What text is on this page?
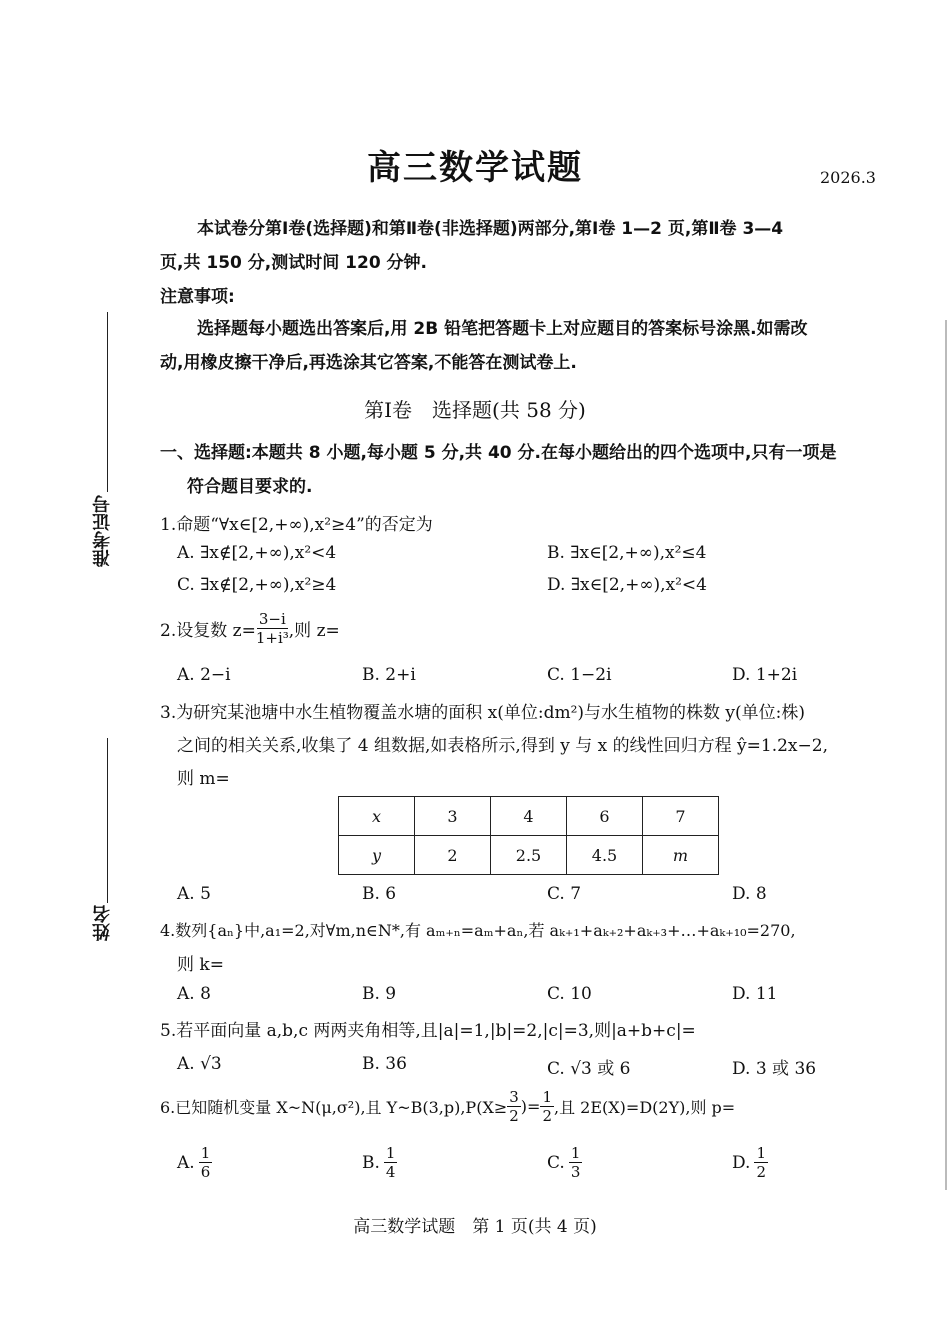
高三数学试题	2026.3
本试卷分第Ⅰ卷(选择题)和第Ⅱ卷(非选择题)两部分,第Ⅰ卷 1—2 页,第Ⅱ卷 3—4
页,共 150 分,测试时间 120 分钟.
注意事项:
选择题每小题选出答案后,用 2B 铅笔把答题卡上对应题目的答案标号涂黑.如需改
动,用橡皮擦干净后,再选涂其它答案,不能答在测试卷上.
准考证号
姓名
第Ⅰ卷　选择题(共 58 分)
一、选择题:本题共 8 小题,每小题 5 分,共 40 分.在每小题给出的四个选项中,只有一项是
符合题目要求的.
1.命题“∀x∈[2,+∞),x²≥4”的否定为
A. ∃x∉[2,+∞),x²<4	B. ∃x∈[2,+∞),x²≤4
C. ∃x∉[2,+∞),x²≥4	D. ∃x∈[2,+∞),x²<4
2.设复数 $z= \frac{3-i}{\text{1+i³}}$ ,则 z=
A. 2−i	B. 2+i	C. 1−2i	D. 1+2i
3.为研究某池塘中水生植物覆盖水塘的面积 x(单位:dm²)与水生植物的株数 y(单位:株)
之间的相关关系,收集了 4 组数据,如表格所示,得到 y 与 x 的线性回归方程 ŷ=1.2x−2,
则 m=
x	3	4	6	7
y	2	2.5	4.5	m
A. 5	B. 6	C. 7	D. 8
4.数列{aₙ}中,a₁=2,对∀m,n∈N*,有 aₘ₊ₙ=aₘ+aₙ,若 aₖ₊₁+aₖ₊₂+aₖ₊₃+…+aₖ₊₁₀=270,
则 k=
A. 8	B. 9	C. 10	D. 11
5.若平面向量 a,b,c 两两夹角相等,且|a|=1,|b|=2,|c|=3,则|a+b+c|=
A. √3	B. 36	C. √3 或 6	D. 3 或 36
6.已知随机变量 X~N(μ,σ²),且 Y~B(3,p),P(X≥ $\frac{3}{2}$ )= $\frac{1}{2}$ ,且 2E(X)=D(2Y),则 p=
A. $\frac{1}{6}$	B. $\frac{1}{4}$	C. $\frac{1}{3}$	D. $\frac{1}{2}$
高三数学试题　第 1 页(共 4 页)
